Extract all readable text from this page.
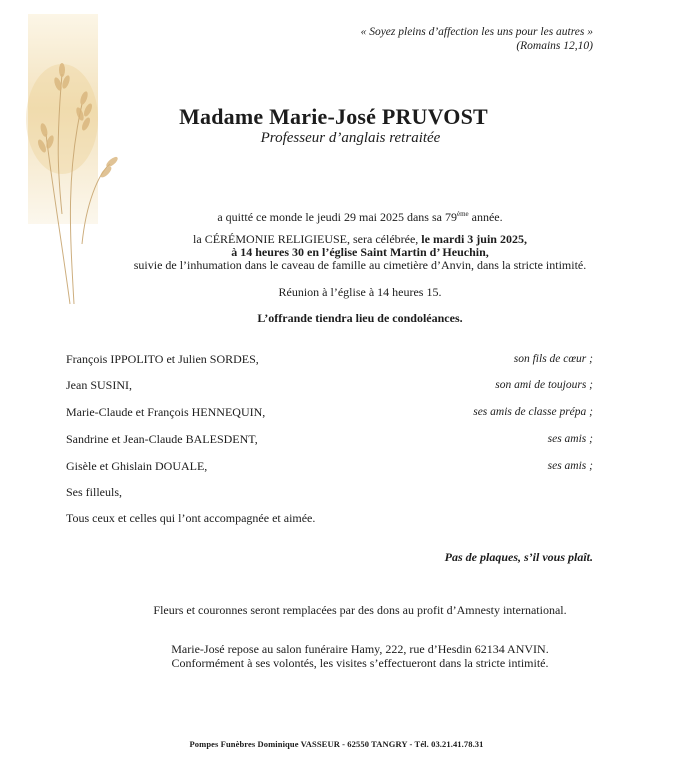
« Soyez pleins d’affection les uns pour les autres »
(Romains 12,10)
Madame Marie-José PRUVOST
Professeur d’anglais retraitée
a quitté ce monde le jeudi 29 mai 2025 dans sa 79ème année.
la CÉRÉMONIE RELIGIEUSE, sera célébrée, le mardi 3 juin 2025,
à 14 heures 30 en l’église Saint Martin d’ Heuchin,
suivie de l’inhumation dans le caveau de famille au cimetière d’Anvin, dans la stricte intimité.
Réunion à l’église à 14 heures 15.
L’offrande tiendra lieu de condoléances.
François IPPOLITO et Julien SORDES,	son fils de cœur ;
Jean SUSINI,	son ami de toujours ;
Marie-Claude et François HENNEQUIN,	ses amis de classe prépa ;
Sandrine et Jean-Claude BALESDENT,	ses amis ;
Gisèle et Ghislain DOUALE,	ses amis ;
Ses filleuls,
Tous ceux et celles qui l’ont accompagnée et aimée.
Pas de plaques, s’il vous plaît.
Fleurs et couronnes seront remplacées par des dons au profit d’Amnesty international.
Marie-José repose au salon funéraire Hamy, 222, rue d’Hesdin 62134 ANVIN.
Conformément à ses volontés, les visites s’effectueront dans la stricte intimité.
Pompes Funèbres Dominique VASSEUR - 62550 TANGRY - Tél. 03.21.41.78.31
